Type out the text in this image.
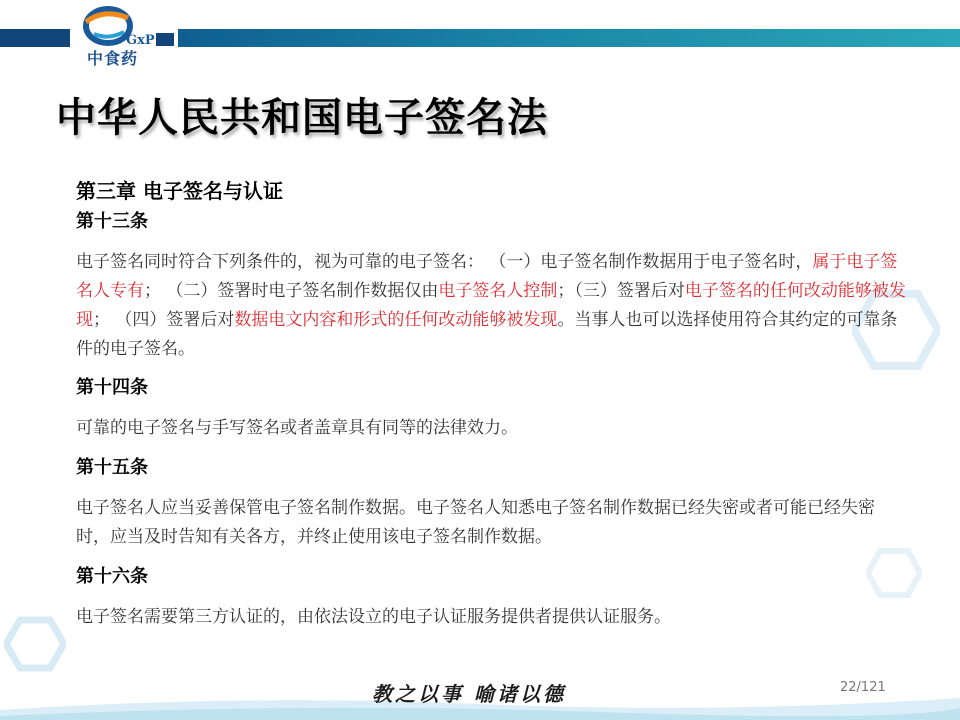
GxP
中食药
中华人民共和国电子签名法

第三章 电子签名与认证

第十三条

电子签名同时符合下列条件的，视为可靠的电子签名： （一）电子签名制作数据用于电子签名时，属于电子签名人专有； （二）签署时电子签名制作数据仅由电子签名人控制；（三）签署后对电子签名的任何改动能够被发现； （四）签署后对数据电文内容和形式的任何改动能够被发现。当事人也可以选择使用符合其约定的可靠条件的电子签名。

第十四条

可靠的电子签名与手写签名或者盖章具有同等的法律效力。

第十五条

电子签名人应当妥善保管电子签名制作数据。电子签名人知悉电子签名制作数据已经失密或者可能已经失密时，应当及时告知有关各方，并终止使用该电子签名制作数据。

第十六条

电子签名需要第三方认证的，由依法设立的电子认证服务提供者提供认证服务。

教之以事 喻诸以德	22/121
